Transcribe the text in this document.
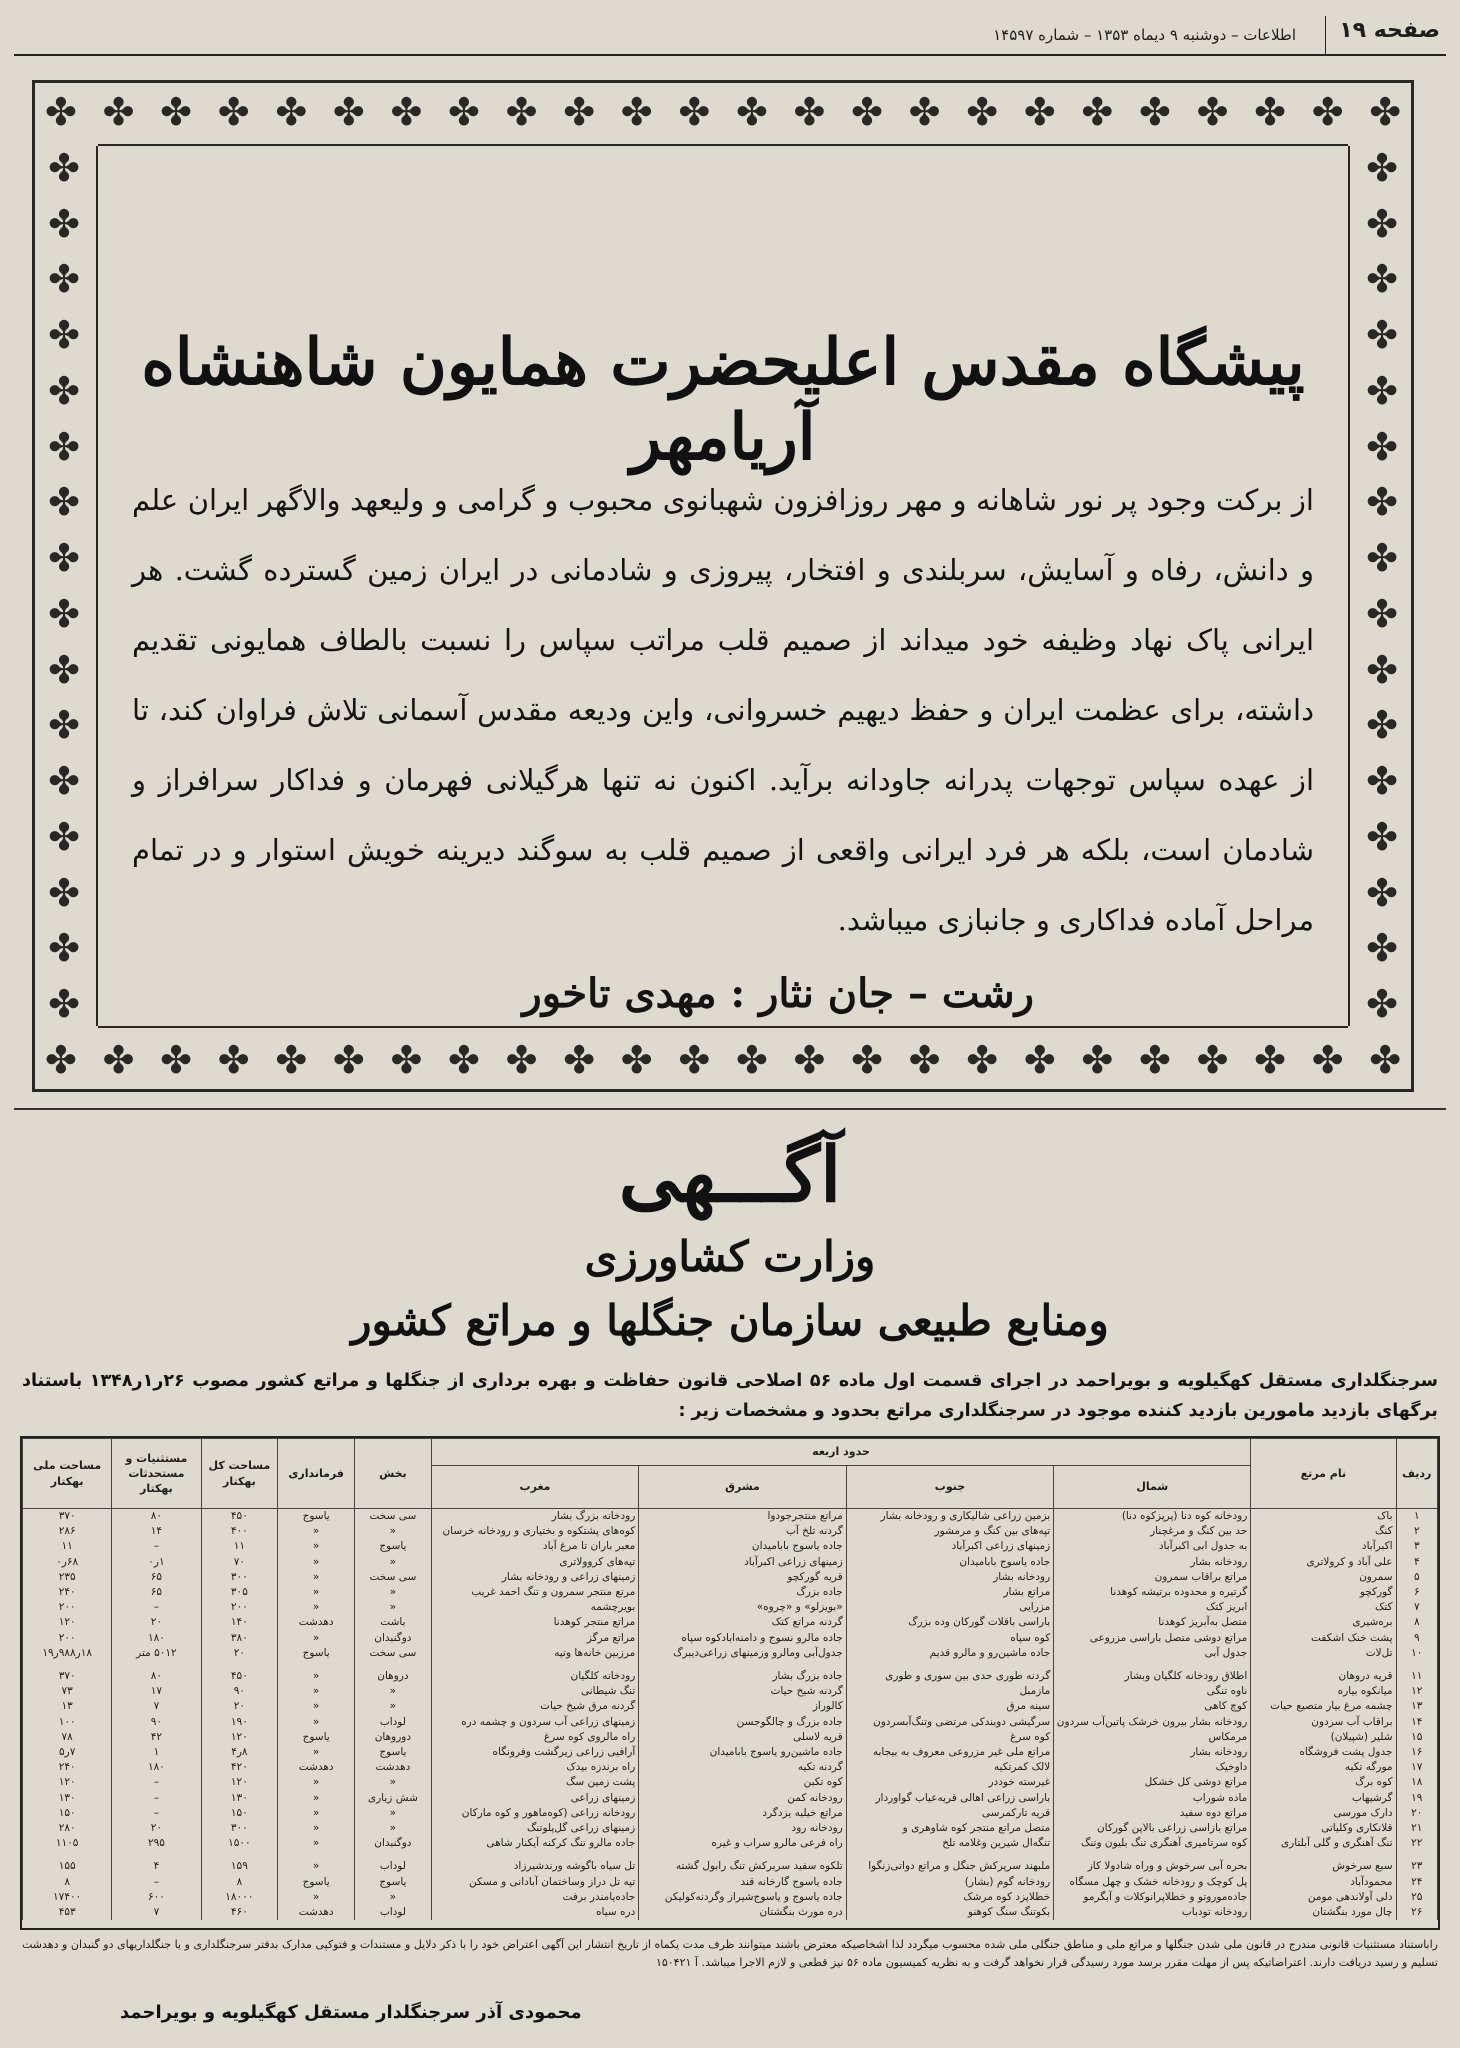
صفحه ۱۹
اطلاعات – دوشنبه ۹ دیماه ۱۳۵۳ – شماره ۱۴۵۹۷
✤
✤
✤
✤
✤
✤
✤
✤
✤
✤
✤
✤
✤
✤
✤
✤
✤
✤
✤
✤
✤
✤
✤
✤
✤
✤
✤
✤
✤
✤
✤
✤
✤
✤
✤
✤
✤
✤
✤
✤
✤
✤
✤
✤
✤
✤
✤
✤
✤
✤
✤
✤
✤
✤
✤
✤
✤
✤
✤
✤
✤
✤
✤
✤
✤
✤
✤
✤
✤
✤
✤
✤
✤
✤
✤
✤
✤
✤
✤
✤
پیشگاه مقدس اعلیحضرت همایون شاهنشاه آریامهر

از برکت وجود پر نور شاهانه و مهر روزافزون شهبانوی محبوب و گرامی و ولیعهد والاگهر ایران علم و دانش، رفاه و آسایش، سربلندی و افتخار، پیروزی و شادمانی در ایران زمین گسترده گشت. هر ایرانی پاک نهاد وظیفه خود میداند از صمیم قلب مراتب سپاس را نسبت بالطاف همایونی تقدیم داشته، برای عظمت ایران و حفظ دیهیم خسروانی، واین ودیعه مقدس آسمانی تلاش فراوان کند، تا از عهده سپاس توجهات پدرانه جاودانه برآید. اکنون نه تنها هرگیلانی فهرمان و فداکار سرافراز و شادمان است، بلکه هر فرد ایرانی واقعی از صمیم قلب به سوگند دیرینه خویش استوار و در تمام مراحل آماده فداکاری و جانبازی میباشد.

رشت – جان نثار : مهدی تاخور
آگـــهی
وزارت کشاورزی
ومنابع طبیعی سازمان جنگلها و مراتع کشور

سرجنگلداری مستقل کهگیلویه و بویراحمد در اجرای قسمت اول ماده ۵۶ اصلاحی قانون حفاظت و بهره برداری از جنگلها و مراتع کشور مصوب ۲۶ر۱ر۱۳۴۸ باستناد برگهای بازدید مامورین بازدید کننده موجود در سرجنگلداری مراتع بحدود و مشخصات زیر :

ردیف	نام مرتع	حدود اربعه				بخش	فرمانداری	مساحت کل بهکتار	مستثنیات و مستحدثات بهکتار	مساحت ملی بهکتار
		شمال	جنوب	مشرق	مغرب					
۱	باک	رودخانه کوه دنا (پرپزکوه دنا)	بزمین زراعی شالیکاری و رودخانه بشار	مراتع منتجرجودوا	رودخانه بزرگ بشار	سی سخت	یاسوج	۴۵۰	۸۰	۳۷۰
۲	کنگ	حد بین کنگ و مرغچنار	تپه‌های بین کنگ و مرمشور	گردنه تلخ آب	کوه‌های پشتکوه و بختیاری و رودخانه خرسان	«	«	۴۰۰	۱۴	۲۸۶
۳	اکبرآباد	به جدول ابی اکبرآباد	زمینهای زراعی اکبرآباد	جاده یاسوج بابامیدان	معبر باران تا مرغ آباد	یاسوج	«	۱۱	–	۱۱
۴	علی آباد و کرولاتری	رودخانه بشار	جاده یاسوج بابامیدان	زمینهای زراعی اکبرآباد	تپه‌های کروولاتری	«	«	۷۰	۱ر۰	۶۸ر۰
۵	سمرون	مراتع براقاب سمرون	رودخانه بشار	قریه گورکچو	زمینهای زراعی و رودخانه بشار	سی سخت	«	۳۰۰	۶۵	۲۳۵
۶	گورکچو	گرتیره و محدوده برتیشه کوهدنا	مراتع بشار	جاده بزرگ	مرتع منتجر سمرون و تنگ احمد غریب	«	«	۳۰۵	۶۵	۲۴۰
۷	کتک	ابریز کتک	مزرایی	«بویزلو» و «چروه»	بویرچشمه	«	«	۲۰۰	–	۲۰۰
۸	بره‌شیری	متصل به‌آبریز کوهدنا	باراسی باقلات گورکان وده بزرگ	گردنه مراتع کتک	مراتع منتجر کوهدنا	باشت	دهدشت	۱۴۰	۲۰	۱۲۰
۹	پشت خنک اشکفت	مراتع دوشی متصل باراسی مزروعی	کوه سپاه	جاده مالرو نسوج و دامنه‌ابادکوه سپاه	مراتع مرگز	دوگنبدان	«	۳۸۰	۱۸۰	۲۰۰
۱۰	تل‌لات	جدول آبی	جاده ماشین‌رو و مالرو قدیم	جدول‌آبی ومالرو وزمینهای زراعی‌دیبرگ	مرزبین خانه‌ها وتپه	سی سخت	یاسوج	۲۰	۵۰۱۲ متر	۱۸ر۹۸۸ر۱۹

۱۱	قریه دروهان	اطلاق رودخانه کلگیان وبشار	گردنه طوری حدی بین سوری و طوری	جاده بزرگ بشار	رودخانه کلگیان	دروهان	«	۴۵۰	۸۰	۳۷۰
۱۲	میانکوه بیاره	ناوه تنگی	مازمبل	گردنه شیخ حیات	تنگ شیطانی	«	«	۹۰	۱۷	۷۳
۱۳	چشمه مرغ بیار متصیع حیات	کوچ کاهی	سینه مرق	کالوراز	گردنه مرق شیخ حیات	«	«	۲۰	۷	۱۳
۱۴	براقاب آب سردون	رودخانه بشار بیرون خرشک پاتین‌آب سردون	سرگیشی دوبندکی مرتضی وتنگ‌آبسردون	جاده بزرگ و چالگوجسن	زمینهای زراعی آب سردون و چشمه دره	لوداب	«	۱۹۰	۹۰	۱۰۰
۱۵	شلیر (شپیلان)	مرمکاس	کوه سرغ	قریه لاسلی	راه مالروی کوه سرغ	دوروهان	یاسوج	۱۲۰	۴۲	۷۸
۱۶	جدول پشت فروشگاه	رودخانه بشار	مراتع ملی غیر مزروعی معروف به بیجابه	جاده ماشین‌رو یاسوج بابامیدان	آرافیی زراعی زیرگشت وفرونگاه	یاسوج	«	۸ر۴	۱	۷ر۵
۱۷	مورگه تکیه	داوخیک	لالک کمرتکیه	گردنه تکیه	راه برندزه بیدک	دهدشت	دهدشت	۴۲۰	۱۸۰	۲۴۰
۱۸	کوه برگ	مراتع دوشی کل خشکل	غیرسته خوددر	کوه تکبن	پشت زمین سگ	«	«	۱۲۰	–	۱۲۰
۱۹	گرشیهاب	ماده شوراب	باراسی زراعی اهالی قریه‌عیاب گواوردار	رودخانه کمن	زمینهای زراعی	شش زیاری	«	۱۳۰	–	۱۳۰
۲۰	دارک مورسی	مراتع دوه سفید	قریه تارکمرسی	مراتع خیلیه یزدگرد	رودخانه زراعی (کوه‌ماهور و کوه مارکان	«	«	۱۵۰	–	۱۵۰
۲۱	قلانکاری وکلیاتی	مراتع بازاسی زراعی بالاپن گورکان	متصل مراتع منتجر کوه شاوهری و	رودخانه رود	زمینهای زراعی گل‌پلوتنگ	«	«	۳۰۰	۲۰	۲۸۰
۲۲	تنگ آهنگری و گلی آبلتاری	کوه سرتامیری آهنگری تنگ بلیون وتنگ	تنگه‌ال شیرین وغلامه تلخ	راه فرعی مالرو سراب و غیره	جاده مالرو تنگ کرکنه آیکنار شاهی	دوگنبدان	«	۱۵۰۰	۲۹۵	۱۱۰۵

۲۳	سبع سرخوش	بحره آبی سرخوش و وراه شادولا کاز	ملبهند سرپرکش جنگل و مراتع دواتی‌زنگوا	تلکوه سفید سربرکش تنگ رابول گشته	تل سیاه باگوشه ورندشیرزاد	لوداب	«	۱۵۹	۴	۱۵۵
۲۴	محمودآباد	پل کوچک و رودخانه خشک و چهل مسگاه	رودخانه گوم (بشار)	جاده یاسوج گارخانه قند	تپه تل دراز وساختمان آبادانی و مسکن	یاسوج	یاسوج	۸	–	۸
۲۵	دلی آولاندهی مومن	جاده‌موروتو و خطلاپرانوکلات و آبگرمو	خطلاپزد کوه مرشک	جاده یاسوج و یاسوج‌شیراز وگردنه‌کولیکن	جاده‌‌یامندر برفت	«	«	۱۸۰۰۰	۶۰۰	۱۷۴۰۰
۲۶	چال مورد بنگشتان	رودخانه تودباب	بکوتنگ سنگ کوهنو	دره مورث بنگشتان	دره سیاه	لوداب	دهدشت	۴۶۰	۷	۴۵۳

راباستناد مستثنیات قانونی مندرج در قانون ملی شدن جنگلها و مراتع ملی و مناطق جنگلی ملی شده محسوب میگردد لذا اشخاصیکه معترض باشند میتوانند ظرف مدت یکماه از تاریخ انتشار این آگهی اعتراض خود را با ذکر دلایل و مستندات و فتوکپی مدارک بدفتر سرجنگلداری و یا جنگلداریهای دو گنبدان و دهدشت تسلیم و رسید دریافت دارند. اعتراضاتیکه پس از مهلت مقرر برسد مورد رسیدگی قرار نخواهد گرفت و به نظریه کمیسیون ماده ۵۶ نیز قطعی و لازم الاجرا میباشد. آ ۱۵۰۴۲۱

محمودی آذر سرجنگلدار مستقل کهگیلویه و بویراحمد
